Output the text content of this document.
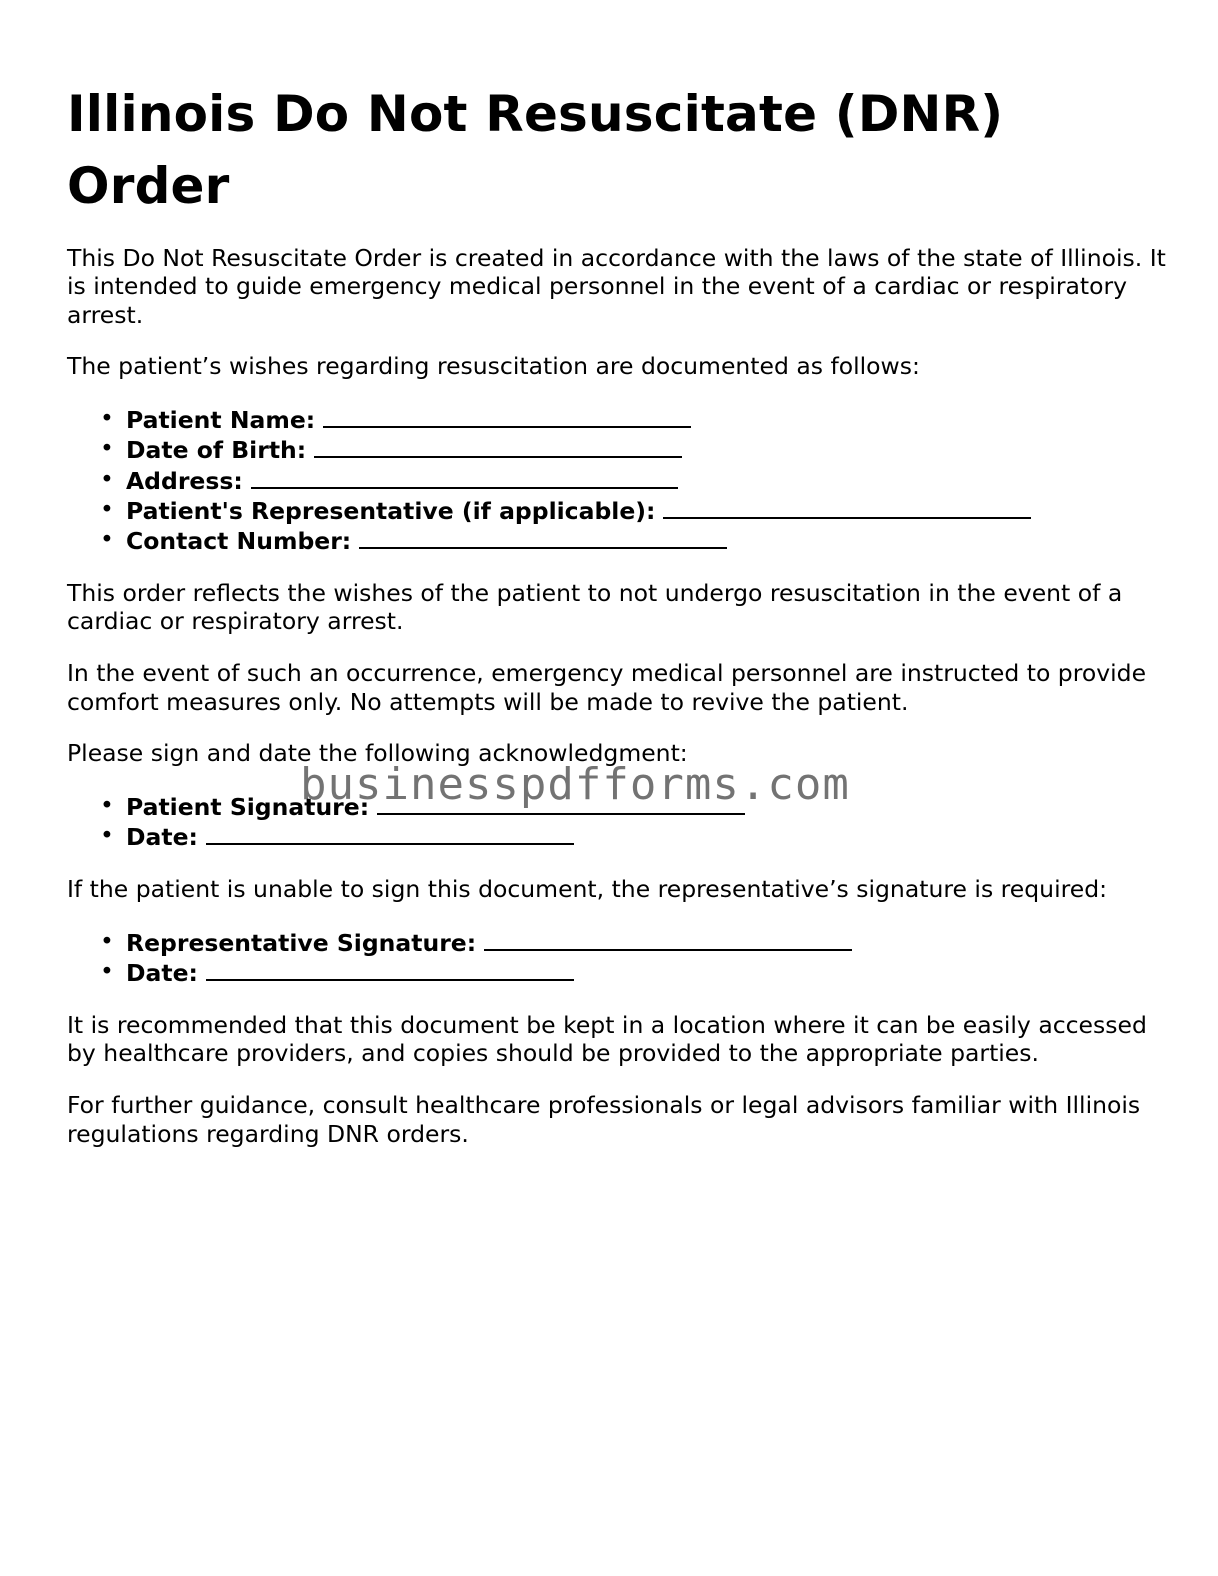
Illinois Do Not Resuscitate (DNR) Order

This Do Not Resuscitate Order is created in accordance with the laws of the state of Illinois. It is intended to guide emergency medical personnel in the event of a cardiac or respiratory arrest.

The patient’s wishes regarding resuscitation are documented as follows:

• Patient Name:
• Date of Birth:
• Address:
• Patient's Representative (if applicable):
• Contact Number:

This order reflects the wishes of the patient to not undergo resuscitation in the event of a cardiac or respiratory arrest.

In the event of such an occurrence, emergency medical personnel are instructed to provide comfort measures only. No attempts will be made to revive the patient.

Please sign and date the following acknowledgment:

• Patient Signature:
• Date:

If the patient is unable to sign this document, the representative’s signature is required:

• Representative Signature:
• Date:

It is recommended that this document be kept in a location where it can be easily accessed by healthcare providers, and copies should be provided to the appropriate parties.

For further guidance, consult healthcare professionals or legal advisors familiar with Illinois regulations regarding DNR orders.

businesspdfforms.com
